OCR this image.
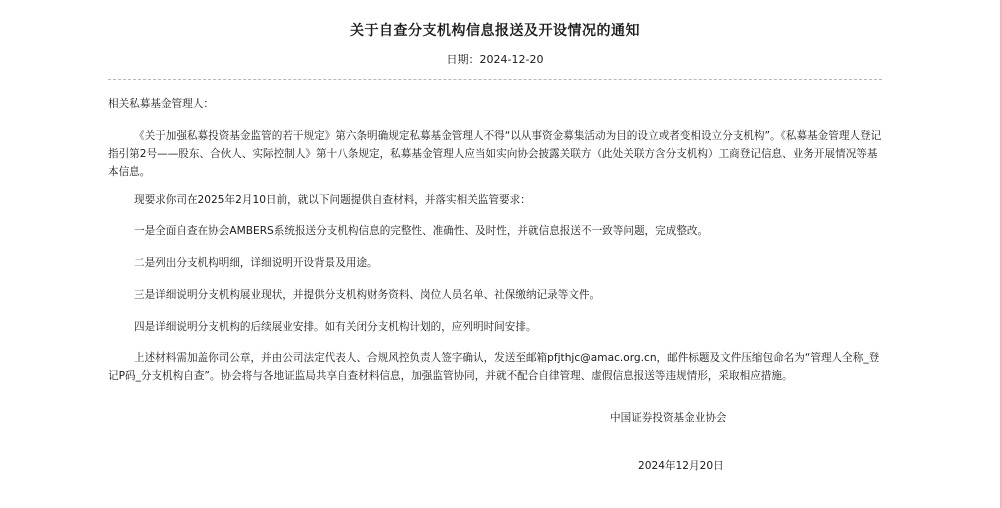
关于自查分支机构信息报送及开设情况的通知
日期：2024-12-20

相关私募基金管理人：

《关于加强私募投资基金监管的若干规定》第六条明确规定私募基金管理人不得“以从事资金募集活动为目的设立或者变相设立分支机构”。《私募基金管理人登记指引第2号——股东、合伙人、实际控制人》第十八条规定，私募基金管理人应当如实向协会披露关联方（此处关联方含分支机构）工商登记信息、业务开展情况等基本信息。

现要求你司在2025年2月10日前，就以下问题提供自查材料，并落实相关监管要求：

一是全面自查在协会AMBERS系统报送分支机构信息的完整性、准确性、及时性，并就信息报送不一致等问题，完成整改。

二是列出分支机构明细，详细说明开设背景及用途。

三是详细说明分支机构展业现状，并提供分支机构财务资料、岗位人员名单、社保缴纳记录等文件。

四是详细说明分支机构的后续展业安排。如有关闭分支机构计划的，应列明时间安排。

上述材料需加盖你司公章，并由公司法定代表人、合规风控负责人签字确认，发送至邮箱pfjthjc@amac.org.cn，邮件标题及文件压缩包命名为“管理人全称_登记P码_分支机构自查”。协会将与各地证监局共享自查材料信息，加强监管协同，并就不配合自律管理、虚假信息报送等违规情形，采取相应措施。

中国证券投资基金业协会
2024年12月20日
